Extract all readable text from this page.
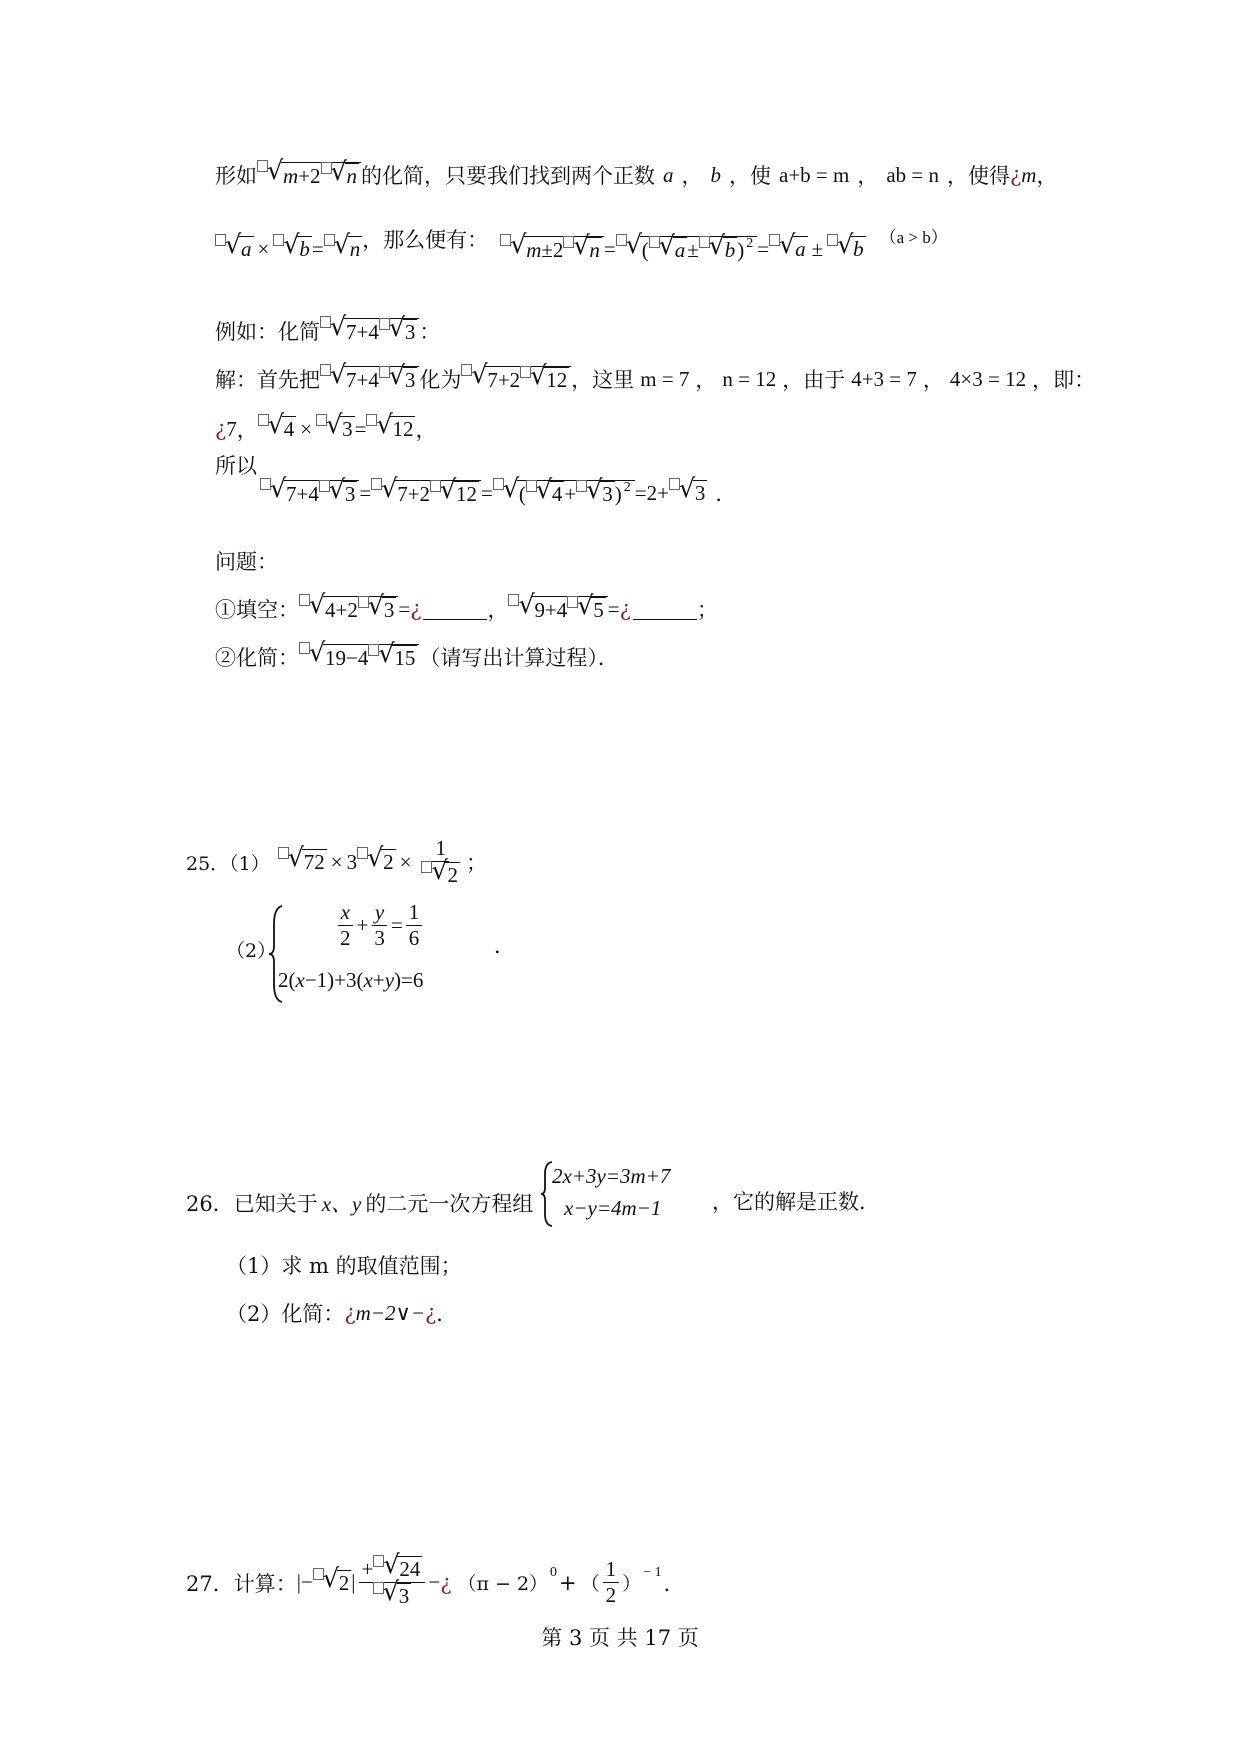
形如	√ m+2 √ n 的化简，只要我们找到两个正数 a ， b ，使 a+b = m ， ab = n ，使得 ¿ m ，
√ a ×	√ b =	√ n ，那么便有：	√ m±2 √ n =	√ ( √ a± √ b) $^2$ =	√ a ±	√ b （a > b）
例如：化简	√ 7+4 √ 3 ：
解：首先把	√ 7+4 √ 3 化为	√ 7+2 √ 12 ，这里 m = 7 ， n = 12 ，由于 4+3 = 7 ， 4×3 = 12 ，即：
¿ 7 ，	√ 4 ×	√ 3 =	√ 12 ，
所以
√ 7+4 √ 3 =	√ 7+2 √ 12 =	√ ( √ 4+ √ 3) $^2$ = 2+	√ 3 ．
问题：
①填空：	√ 4+2 √ 3 = ¿	，	√ 9+4 √ 5 = ¿	；
②化简：	√ 19−4 √ 15 （请写出计算过程）．
25．（1）	√ 72 × 3	√ 2 × 1
√ 2 ；
（2）	$\frac{x}{2} + \frac{y}{3} = \frac{1}{6}$
2 ( x −1 ) +3 ( x + y ) =6
．
26．已知关于 x、y 的二元一次方程组
2x+3y=3m+7
x−y=4m−1 ，它的解是正数．
（1）求 m 的取值范围；
（2）化简： ¿ m−2∨− ¿ ．
27．计算： |−	√ 2 | + √ 24
√ 3 − ¿ （π − 2）
0 + （ $\frac{1}{2}$ ）
− 1 ．
第 3 页 共 17 页
